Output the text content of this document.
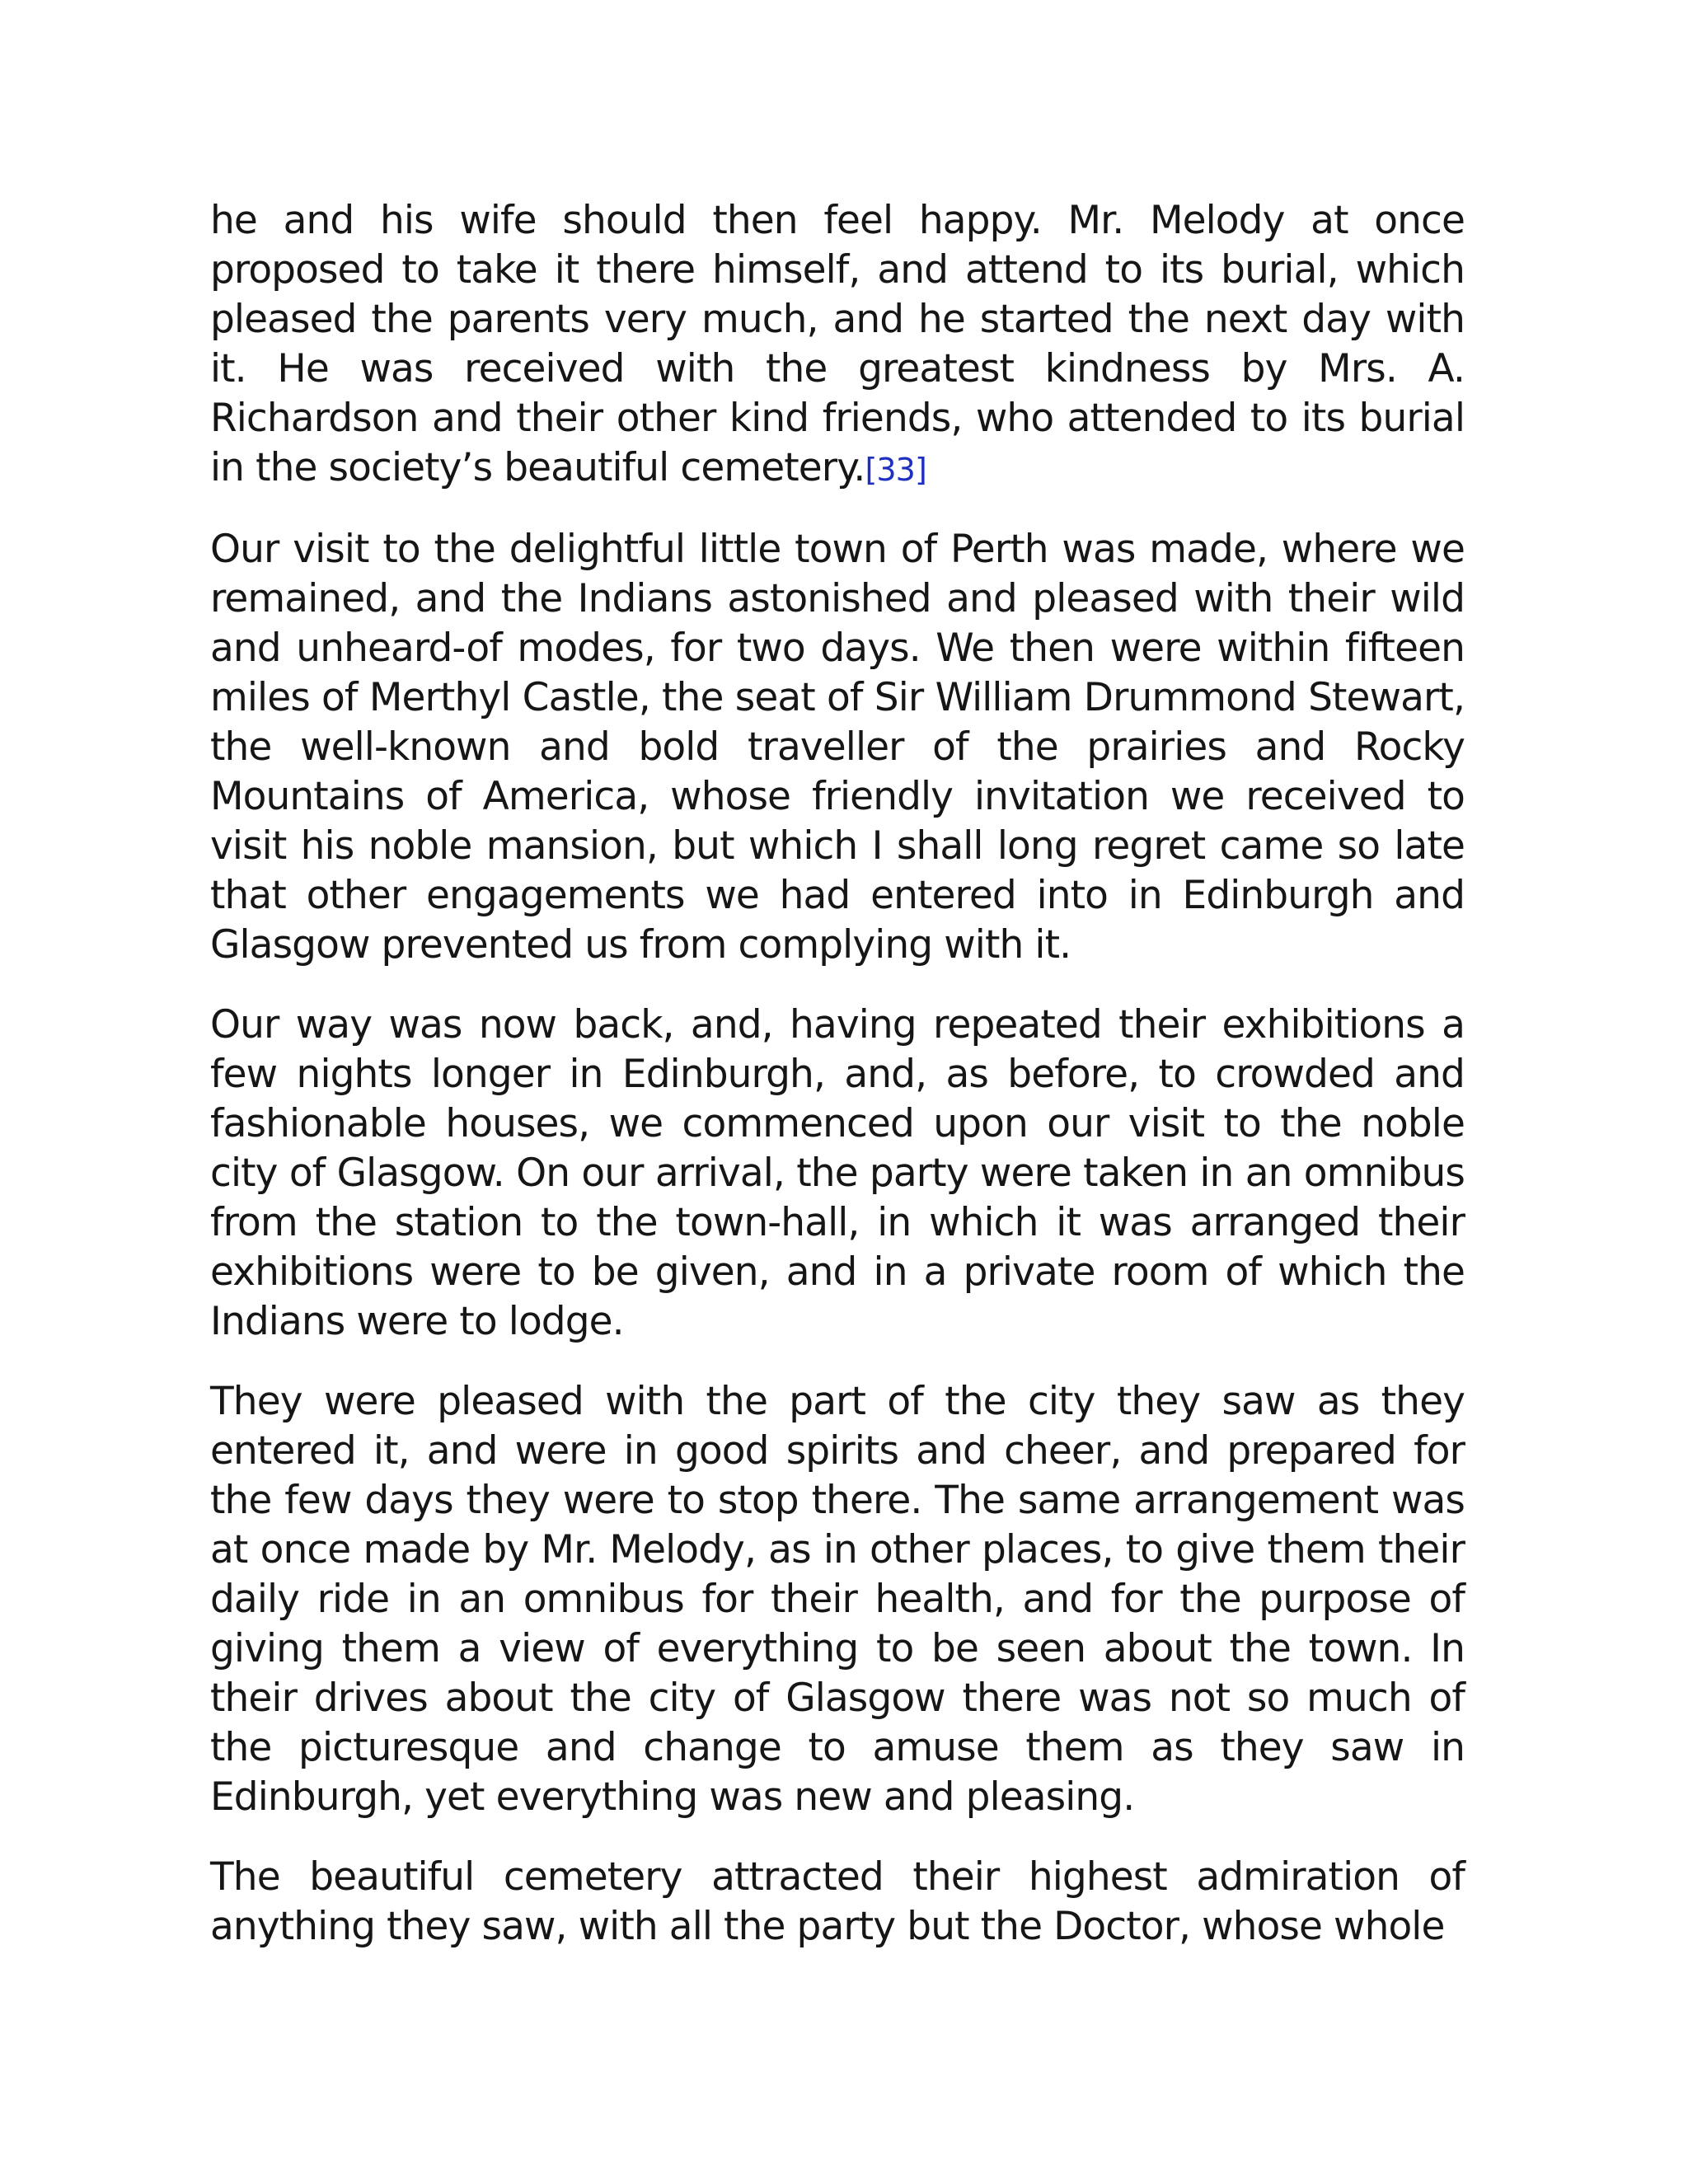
he and his wife should then feel happy. Mr. Melody at once proposed to take it there himself, and attend to its burial, which pleased the parents very much, and he started the next day with it. He was received with the greatest kindness by Mrs. A. Richardson and their other kind friends, who attended to its burial in the society’s beautiful cemetery.[33]

Our visit to the delightful little town of Perth was made, where we remained, and the Indians astonished and pleased with their wild and unheard-of modes, for two days. We then were within fifteen miles of Merthyl Castle, the seat of Sir William Drummond Stewart, the well-known and bold traveller of the prairies and Rocky Mountains of America, whose friendly invitation we received to visit his noble mansion, but which I shall long regret came so late that other engagements we had entered into in Edinburgh and Glasgow prevented us from complying with it.

Our way was now back, and, having repeated their exhibitions a few nights longer in Edinburgh, and, as before, to crowded and fashionable houses, we commenced upon our visit to the noble city of Glasgow. On our arrival, the party were taken in an omnibus from the station to the town-hall, in which it was arranged their exhibitions were to be given, and in a private room of which the Indians were to lodge.

They were pleased with the part of the city they saw as they entered it, and were in good spirits and cheer, and prepared for the few days they were to stop there. The same arrangement was at once made by Mr. Melody, as in other places, to give them their daily ride in an omnibus for their health, and for the purpose of giving them a view of everything to be seen about the town. In their drives about the city of Glasgow there was not so much of the picturesque and change to amuse them as they saw in Edinburgh, yet everything was new and pleasing.

The beautiful cemetery attracted their highest admiration of anything they saw, with all the party but the Doctor, whose whole
